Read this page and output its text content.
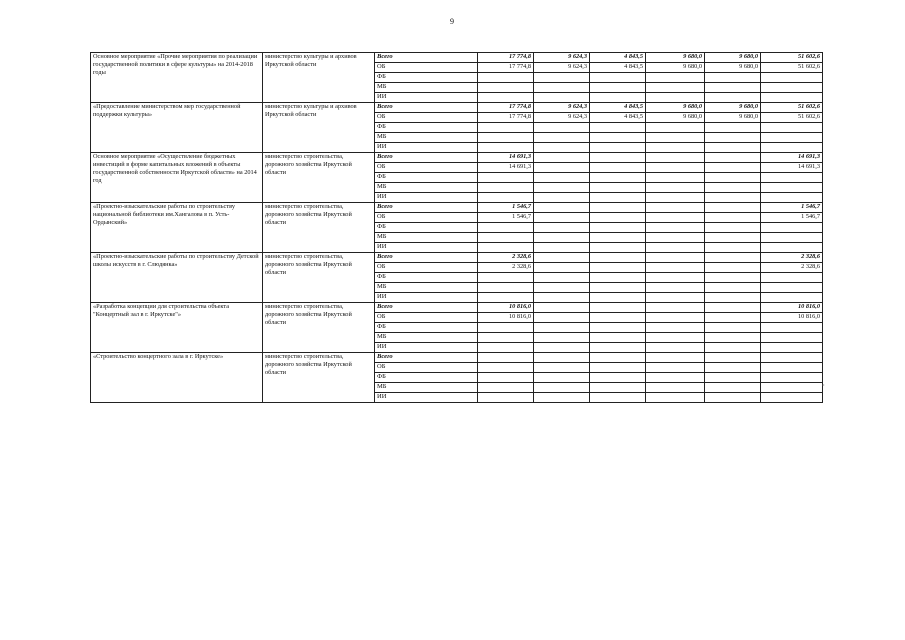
9
Основное мероприятие «Прочие мероприятия по реализации государственной политики в сфере культуры» на 2014-2018 годы	министерство культуры и архивов Иркутской области	Всего	17 774,8	9 624,3	4 843,5	9 680,0	9 680,0	51 602,6
		ОБ	17 774,8	9 624,3	4 843,5	9 680,0	9 680,0	51 602,6
		ФБ						
		МБ						
		ИИ						
«Предоставление министерством мер государственной поддержки культуры»	министерство культуры и архивов Иркутской области	Всего	17 774,8	9 624,3	4 843,5	9 680,0	9 680,0	51 602,6
		ОБ	17 774,8	9 624,3	4 843,5	9 680,0	9 680,0	51 602,6
		ФБ						
		МБ						
		ИИ						
Основное мероприятие «Осуществление бюджетных инвестиций в форме капитальных вложений в объекты государственной собственности Иркутской области» на 2014 год	министерство строительства, дорожного хозяйства Иркутской области	Всего	14 691,3					14 691,3
		ОБ	14 691,3					14 691,3
		ФБ						
		МБ						
		ИИ						
«Проектно-изыскательские работы по строительству национальной библиотеки им.Хангалова в п. Усть-Ордынский»	министерство строительства, дорожного хозяйства Иркутской области	Всего	1 546,7					1 546,7
		ОБ	1 546,7					1 546,7
		ФБ						
		МБ						
		ИИ						
«Проектно-изыскательские работы по строительству Детской школы искусств в г. Слюдянка»	министерство строительства, дорожного хозяйства Иркутской области	Всего	2 328,6					2 328,6
		ОБ	2 328,6					2 328,6
		ФБ						
		МБ						
		ИИ						
«Разработка концепции для строительства объекта "Концертный зал в г. Иркутске"»	министерство строительства, дорожного хозяйства Иркутской области	Всего	10 816,0					10 816,0
		ОБ	10 816,0					10 816,0
		ФБ						
		МБ						
		ИИ						
«Строительство концертного зала в г. Иркутске»	министерство строительства, дорожного хозяйства Иркутской области	Всего						
		ОБ						
		ФБ						
		МБ						
		ИИ						
«
